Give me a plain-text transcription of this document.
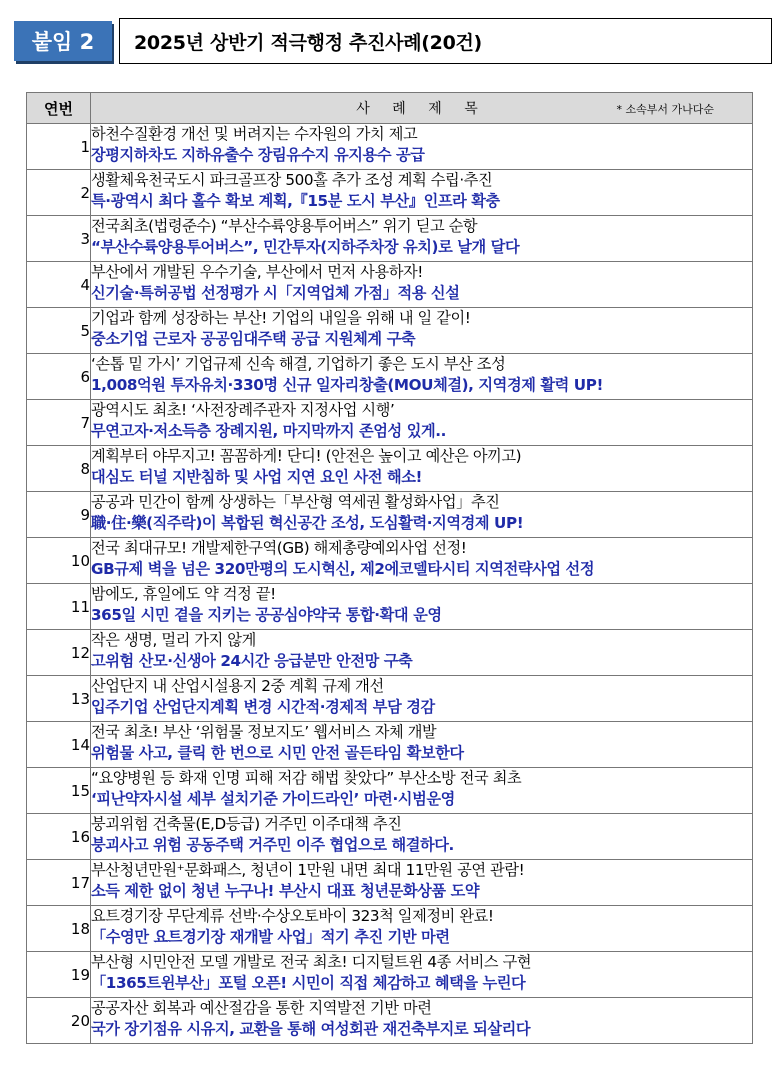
붙임 2	2025년 상반기 적극행정 추진사례(20건)
연번	사 례 제 목 * 소속부서 가나다순

1	하천수질환경 개선 및 버려지는 수자원의 가치 제고
장평지하차도 지하유출수 장림유수지 유지용수 공급

2	생활체육천국도시 파크골프장 500홀 추가 조성 계획 수립·추진
특·광역시 최다 홀수 확보 계획,『15분 도시 부산』인프라 확충

3	전국최초(법령준수) “부산수륙양용투어버스” 위기 딛고 순항
“부산수륙양용투어버스”, 민간투자(지하주차장 유치)로 날개 달다

4	부산에서 개발된 우수기술, 부산에서 먼저 사용하자!
신기술·특허공법 선정평가 시「지역업체 가점」적용 신설

5	기업과 함께 성장하는 부산! 기업의 내일을 위해 내 일 같이!
중소기업 근로자 공공임대주택 공급 지원체계 구축

6	‘손톱 밑 가시’ 기업규제 신속 해결, 기업하기 좋은 도시 부산 조성
1,008억원 투자유치·330명 신규 일자리창출(MOU체결), 지역경제 활력 UP!

7	광역시도 최초! ‘사전장례주관자 지정사업 시행’
무연고자·저소득층 장례지원, 마지막까지 존엄성 있게..

8	계획부터 야무지고! 꼼꼼하게! 단디! (안전은 높이고 예산은 아끼고)
대심도 터널 지반침하 및 사업 지연 요인 사전 해소!

9	공공과 민간이 함께 상생하는「부산형 역세권 활성화사업」추진
職·住·樂(직주락)이 복합된 혁신공간 조성, 도심활력·지역경제 UP!

10	전국 최대규모! 개발제한구역(GB) 해제총량예외사업 선정!
GB규제 벽을 넘은 320만평의 도시혁신, 제2에코델타시티 지역전략사업 선정

11	밤에도, 휴일에도 약 걱정 끝!
365일 시민 곁을 지키는 공공심야약국 통합·확대 운영

12	작은 생명, 멀리 가지 않게
고위험 산모·신생아 24시간 응급분만 안전망 구축

13	산업단지 내 산업시설용지 2중 계획 규제 개선
입주기업 산업단지계획 변경 시간적·경제적 부담 경감

14	전국 최초! 부산 ‘위험물 정보지도’ 웹서비스 자체 개발
위험물 사고, 클릭 한 번으로 시민 안전 골든타임 확보한다

15	“요양병원 등 화재 인명 피해 저감 해법 찾았다” 부산소방 전국 최초
‘피난약자시설 세부 설치기준 가이드라인’ 마련·시범운영

16	붕괴위험 건축물(E,D등급) 거주민 이주대책 추진
붕괴사고 위험 공동주택 거주민 이주 협업으로 해결하다.

17	부산청년만원⁺문화패스, 청년이 1만원 내면 최대 11만원 공연 관람!
소득 제한 없이 청년 누구나! 부산시 대표 청년문화상품 도약

18	요트경기장 무단계류 선박·수상오토바이 323척 일제정비 완료!
「수영만 요트경기장 재개발 사업」적기 추진 기반 마련

19	부산형 시민안전 모델 개발로 전국 최초! 디지털트윈 4종 서비스 구현
「1365트윈부산」포털 오픈! 시민이 직접 체감하고 혜택을 누린다

20	공공자산 회복과 예산절감을 통한 지역발전 기반 마련
국가 장기점유 시유지, 교환을 통해 여성회관 재건축부지로 되살리다
